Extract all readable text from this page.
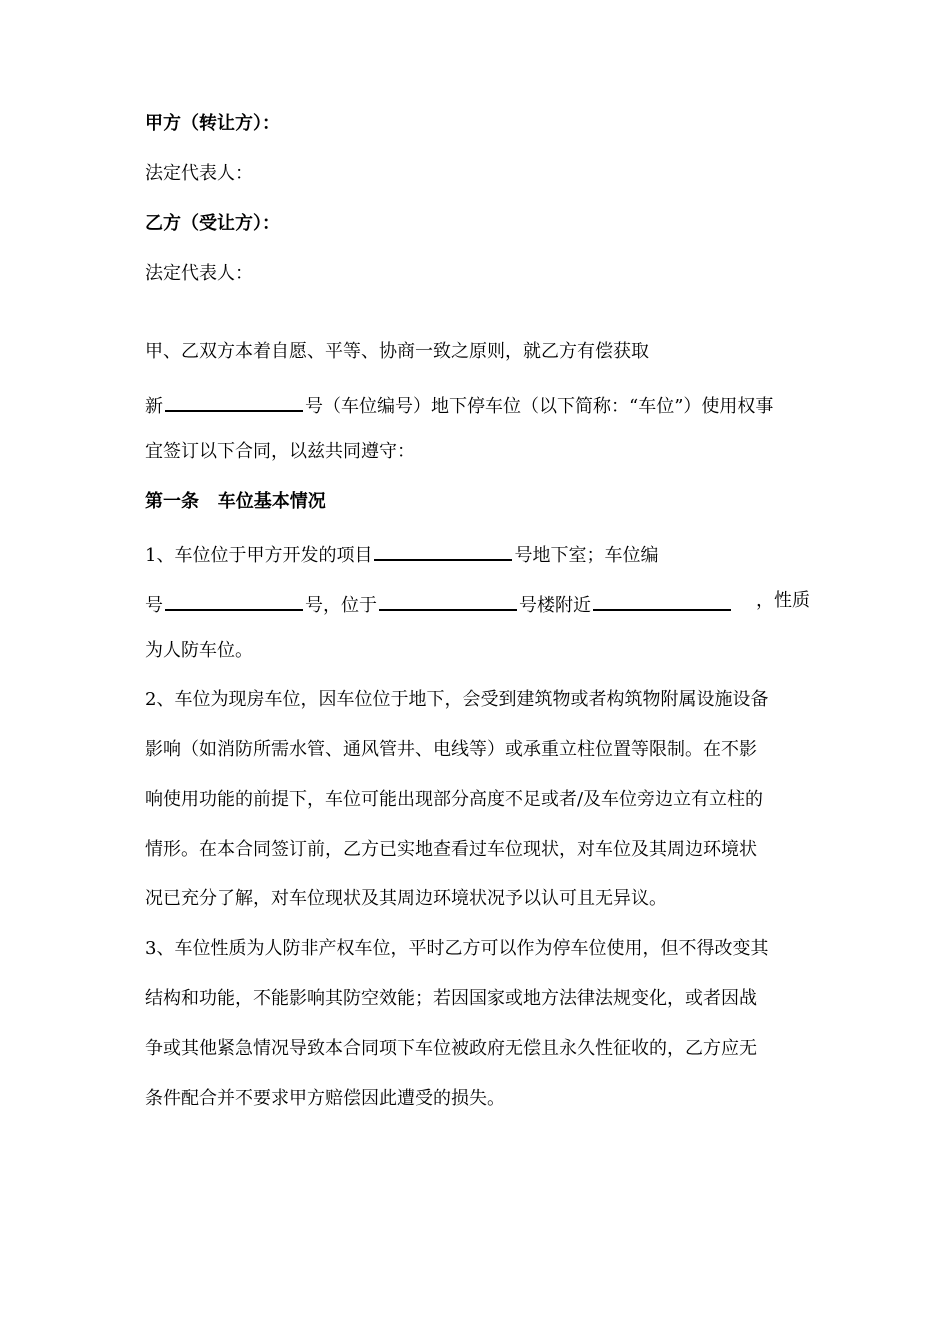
甲方（转让方）：
法定代表人：
乙方（受让方）：
法定代表人：
甲、乙双方本着自愿、平等、协商一致之原则，就乙方有偿获取
新	号（车位编号）地下停车位（以下简称：“车位”）使用权事
宜签订以下合同，以兹共同遵守：
第一条   车位基本情况
1、车位位于甲方开发的项目	号地下室；车位编
号	号，位于	号楼附近	，性质
为人防车位。
2、车位为现房车位，因车位位于地下，会受到建筑物或者构筑物附属设施设备
影响（如消防所需水管、通风管井、电线等）或承重立柱位置等限制。在不影
响使用功能的前提下，车位可能出现部分高度不足或者/及车位旁边立有立柱的
情形。在本合同签订前，乙方已实地查看过车位现状，对车位及其周边环境状
况已充分了解，对车位现状及其周边环境状况予以认可且无异议。
3、车位性质为人防非产权车位，平时乙方可以作为停车位使用，但不得改变其
结构和功能，不能影响其防空效能；若因国家或地方法律法规变化，或者因战
争或其他紧急情况导致本合同项下车位被政府无偿且永久性征收的，乙方应无
条件配合并不要求甲方赔偿因此遭受的损失。
